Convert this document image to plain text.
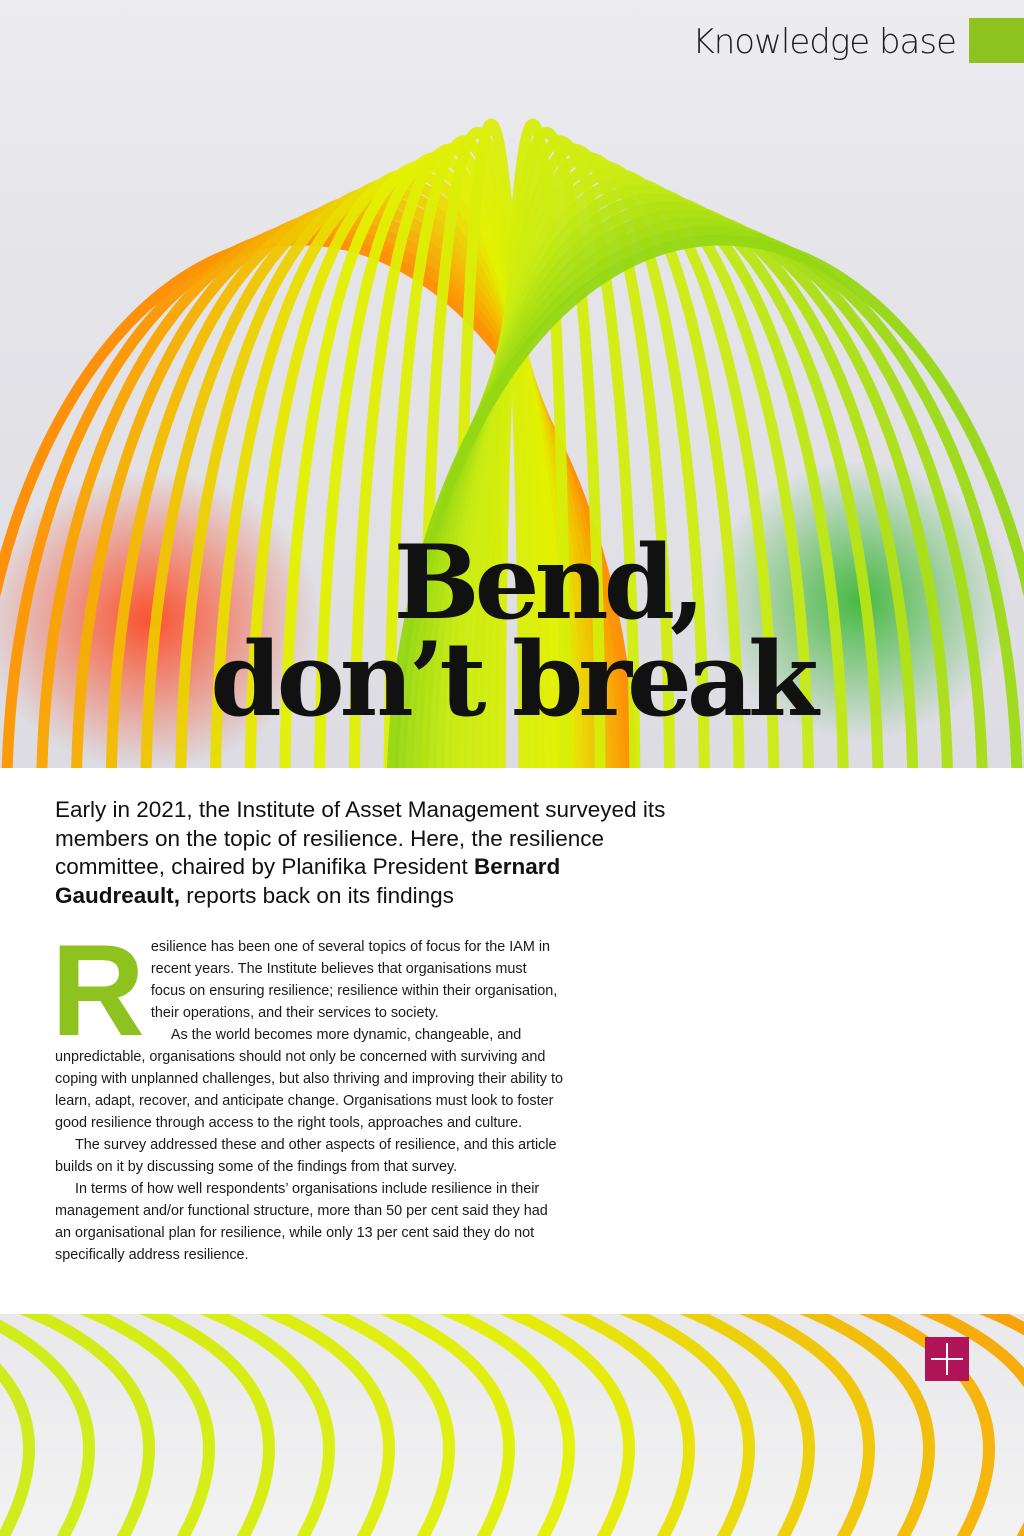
Knowledge base
Bend,
don’t break

Early in 2021, the Institute of Asset Management surveyed its members on the topic of resilience. Here, the resilience committee, chaired by Planifika President Bernard Gaudreault, reports back on its findings

Resilience has been one of several topics of focus for the IAM in recent years. The Institute believes that organisations must focus on ensuring resilience; resilience within their organisation, their operations, and their services to society.

As the world becomes more dynamic, changeable, and unpredictable, organisations should not only be concerned with surviving and coping with unplanned challenges, but also thriving and improving their ability to learn, adapt, recover, and anticipate change. Organisations must look to foster good resilience through access to the right tools, approaches and culture.

The survey addressed these and other aspects of resilience, and this article builds on it by discussing some of the findings from that survey.

In terms of how well respondents’ organisations include resilience in their management and/or functional structure, more than 50 per cent said they had an organisational plan for resilience, while only 13 per cent said they do not specifically address resilience.
